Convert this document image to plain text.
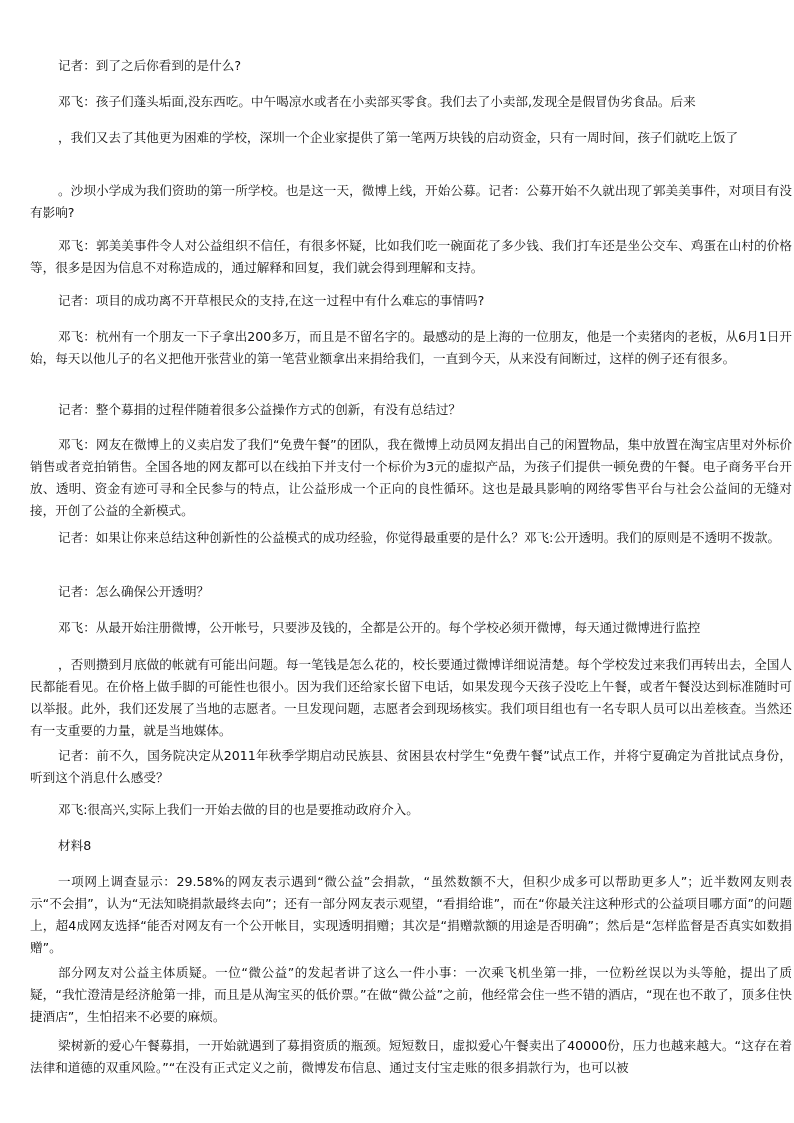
记者：到了之后你看到的是什么?

邓飞：孩子们蓬头垢面,没东西吃。中午喝凉水或者在小卖部买零食。我们去了小卖部,发现全是假冒伪劣食品。后来

，我们又去了其他更为困难的学校，深圳一个企业家提供了第一笔两万块钱的启动资金，只有一周时间，孩子们就吃上饭了

。沙坝小学成为我们资助的第一所学校。也是这一天，微博上线，开始公募。记者：公募开始不久就出现了郭美美事件，对项目有没有影响?

邓飞：郭美美事件令人对公益组织不信任，有很多怀疑，比如我们吃一碗面花了多少钱、我们打车还是坐公交车、鸡蛋在山村的价格等，很多是因为信息不对称造成的，通过解释和回复，我们就会得到理解和支持。

记者：项目的成功离不开草根民众的支持,在这一过程中有什么难忘的事情吗?

邓飞：杭州有一个朋友一下子拿出200多万，而且是不留名字的。最感动的是上海的一位朋友，他是一个卖猪肉的老板，从6月1日开始，每天以他儿子的名义把他开张营业的第一笔营业额拿出来捐给我们，一直到今天，从来没有间断过，这样的例子还有很多。

记者：整个募捐的过程伴随着很多公益操作方式的创新，有没有总结过？

邓飞：网友在微博上的义卖启发了我们“免费午餐”的团队，我在微博上动员网友捐出自己的闲置物品，集中放置在淘宝店里对外标价销售或者竞拍销售。全国各地的网友都可以在线拍下并支付一个标价为3元的虚拟产品，为孩子们提供一顿免费的午餐。电子商务平台开放、透明、资金有迹可寻和全民参与的特点，让公益形成一个正向的良性循环。这也是最具影响的网络零售平台与社会公益间的无缝对接，开创了公益的全新模式。

记者：如果让你来总结这种创新性的公益模式的成功经验，你觉得最重要的是什么？邓飞:公开透明。我们的原则是不透明不拨款。

记者：怎么确保公开透明？

邓飞：从最开始注册微博，公开帐号，只要涉及钱的，全都是公开的。每个学校必须开微博，每天通过微博进行监控

，否则攒到月底做的帐就有可能出问题。每一笔钱是怎么花的，校长要通过微博详细说清楚。每个学校发过来我们再转出去，全国人民都能看见。在价格上做手脚的可能性也很小。因为我们还给家长留下电话，如果发现今天孩子没吃上午餐，或者午餐没达到标准随时可以举报。此外，我们还发展了当地的志愿者。一旦发现问题，志愿者会到现场核实。我们项目组也有一名专职人员可以出差核查。当然还有一支重要的力量，就是当地媒体。

记者：前不久，国务院决定从2011年秋季学期启动民族县、贫困县农村学生“免费午餐”试点工作，并将宁夏确定为首批试点身份，听到这个消息什么感受？

邓飞:很高兴,实际上我们一开始去做的目的也是要推动政府介入。

材料8

一项网上调查显示：29.58%的网友表示遇到“微公益”会捐款，“虽然数额不大，但积少成多可以帮助更多人”；近半数网友则表示“不会捐”，认为“无法知晓捐款最终去向”；还有一部分网友表示观望，“看捐给谁”，而在“你最关注这种形式的公益项目哪方面”的问题上，超4成网友选择“能否对网友有一个公开帐目，实现透明捐赠；其次是“捐赠款额的用途是否明确”；然后是“怎样监督是否真实如数捐赠”。

部分网友对公益主体质疑。一位“微公益”的发起者讲了这么一件小事：一次乘飞机坐第一排，一位粉丝误以为头等舱，提出了质疑，“我忙澄清是经济舱第一排，而且是从淘宝买的低价票。”在做“微公益”之前，他经常会住一些不错的酒店，“现在也不敢了，顶多住快捷酒店”，生怕招来不必要的麻烦。

梁树新的爱心午餐募捐，一开始就遇到了募捐资质的瓶颈。短短数日，虚拟爱心午餐卖出了40000份，压力也越来越大。“这存在着法律和道德的双重风险。”“在没有正式定义之前，微博发布信息、通过支付宝走账的很多捐款行为，也可以被
